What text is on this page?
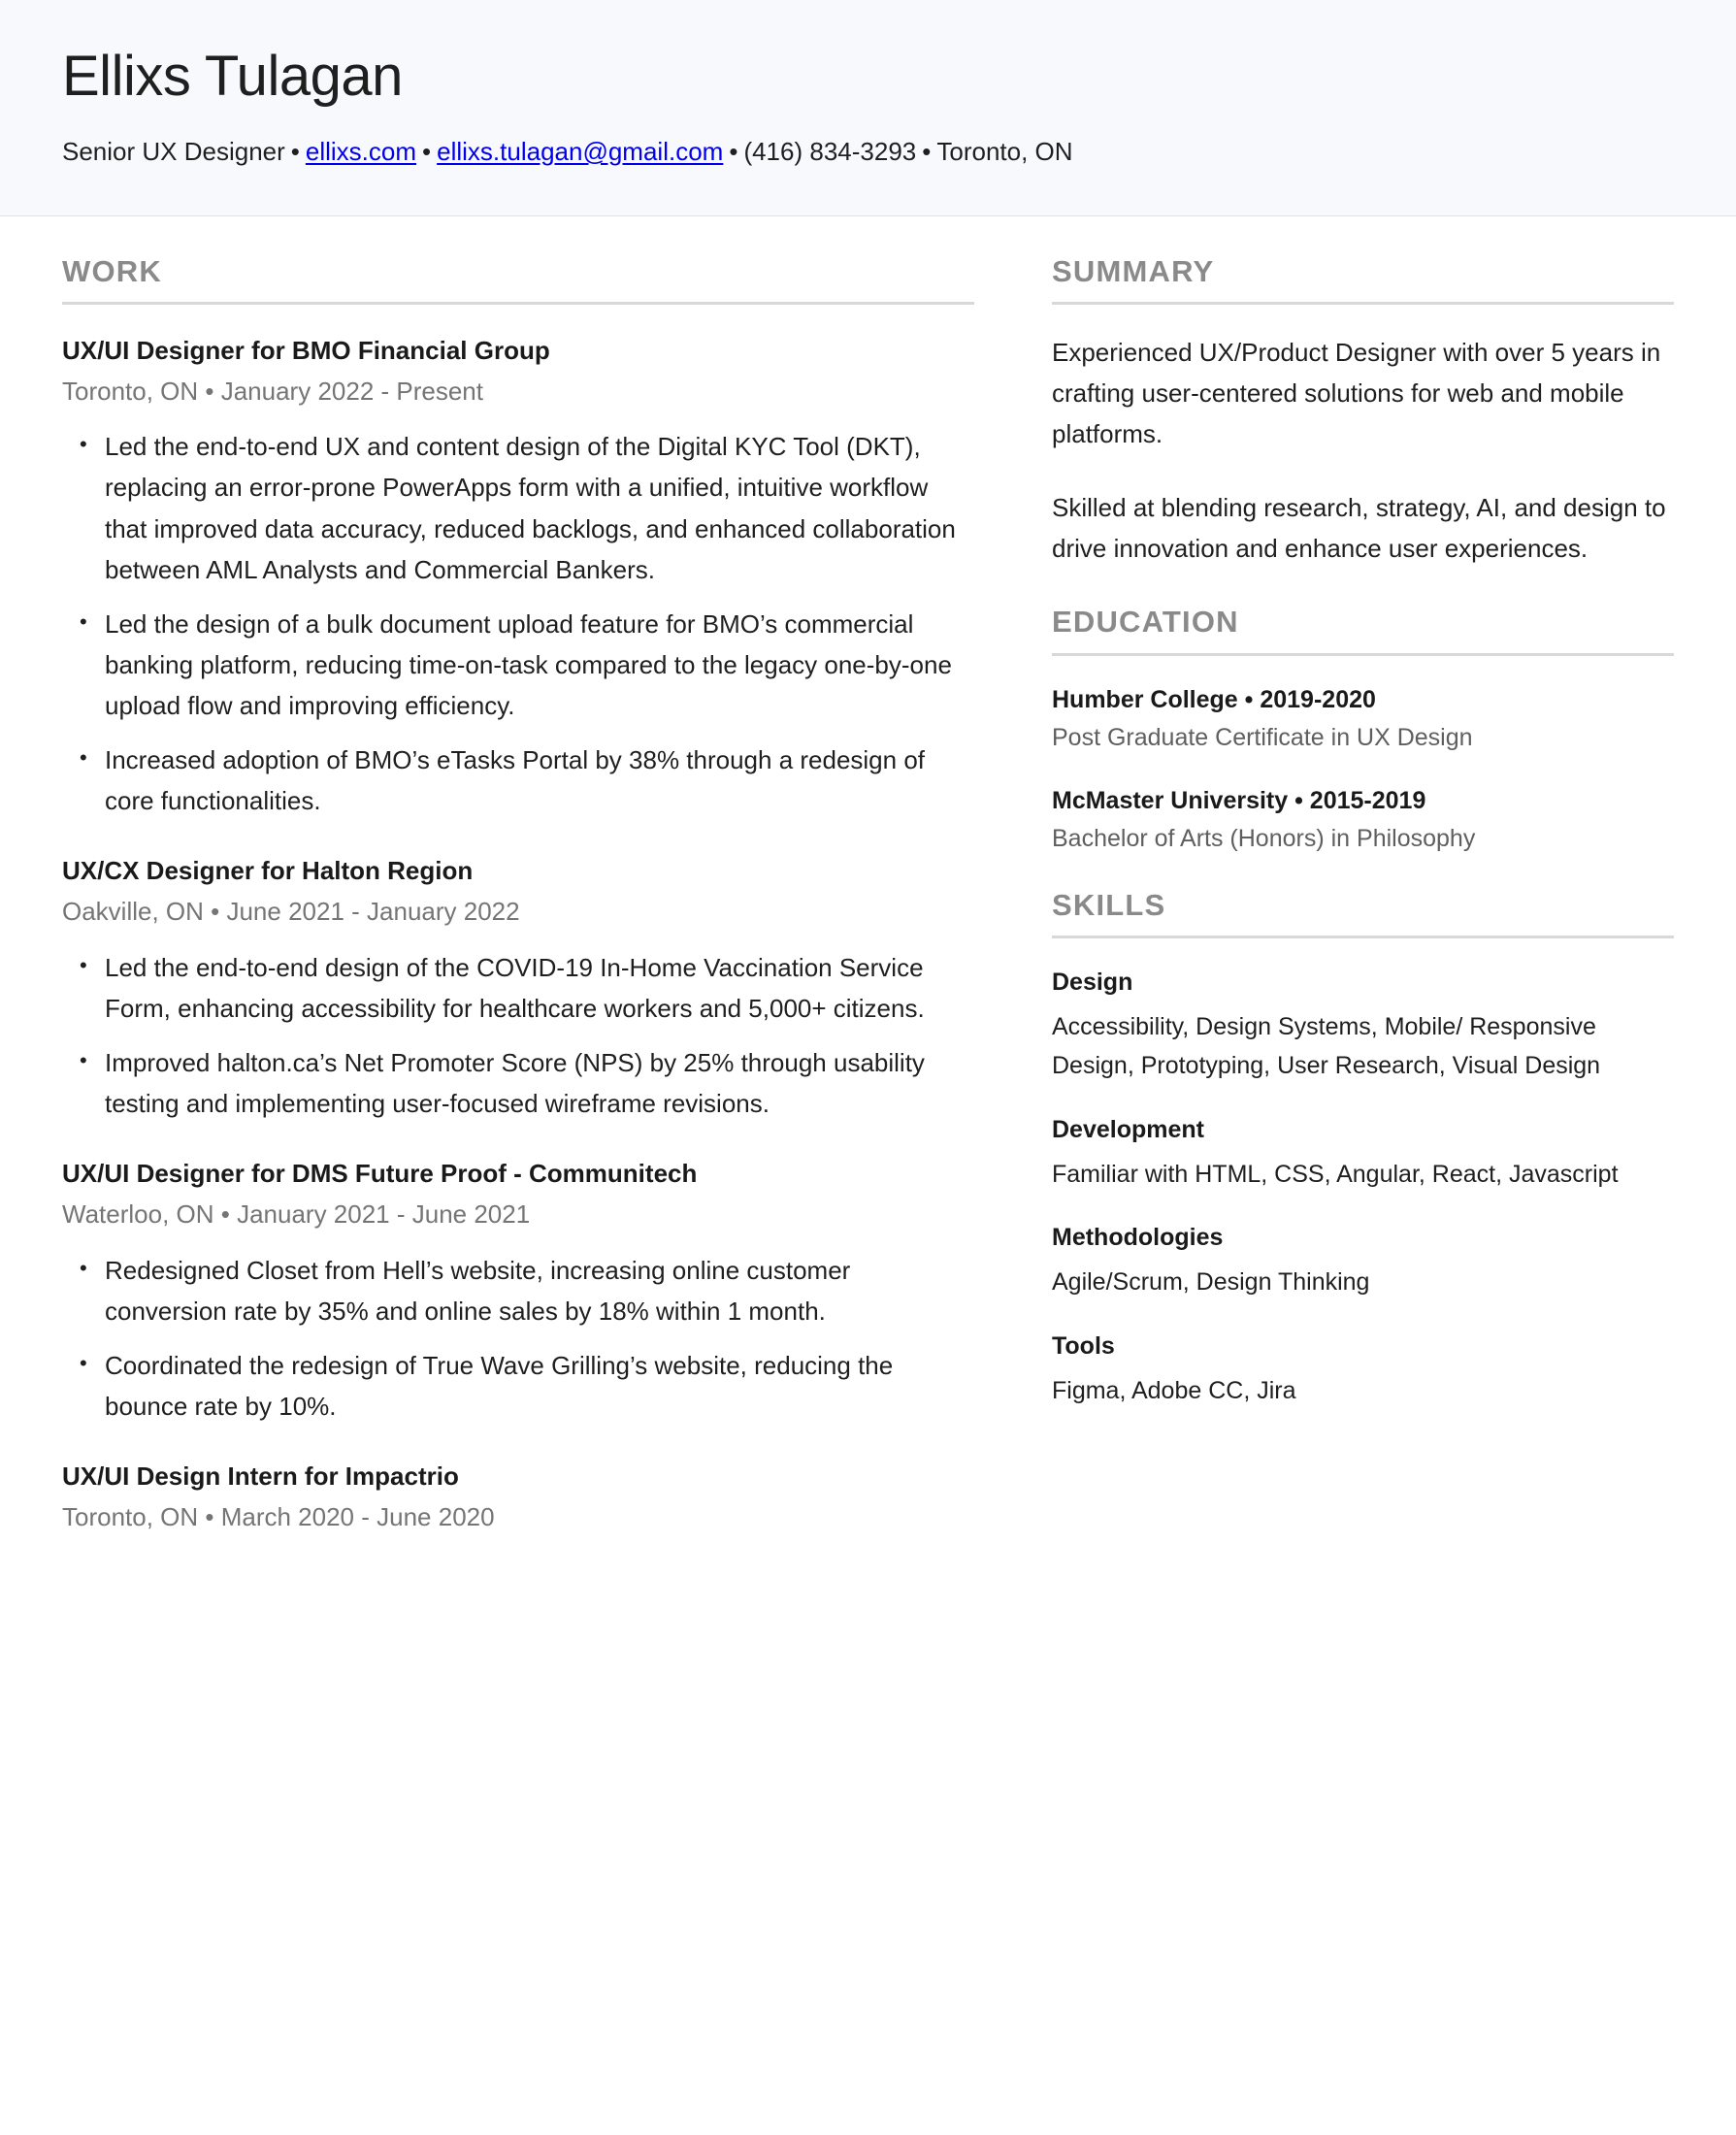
Ellixs Tulagan
Senior UX Designer • ellixs.com • ellixs.tulagan@gmail.com • (416) 834-3293 • Toronto, ON
WORK
UX/UI Designer for BMO Financial Group
Toronto, ON • January 2022 - Present
• Led the end-to-end UX and content design of the Digital KYC Tool (DKT), replacing an error-prone PowerApps form with a unified, intuitive workflow that improved data accuracy, reduced backlogs, and enhanced collaboration between AML Analysts and Commercial Bankers.
• Led the design of a bulk document upload feature for BMO’s commercial banking platform, reducing time-on-task compared to the legacy one-by-one upload flow and improving efficiency.
• Increased adoption of BMO’s eTasks Portal by 38% through a redesign of core functionalities.
UX/CX Designer for Halton Region
Oakville, ON • June 2021 - January 2022
• Led the end-to-end design of the COVID-19 In-Home Vaccination Service Form, enhancing accessibility for healthcare workers and 5,000+ citizens.
• Improved halton.ca’s Net Promoter Score (NPS) by 25% through usability testing and implementing user-focused wireframe revisions.
UX/UI Designer for DMS Future Proof - Communitech
Waterloo, ON • January 2021 - June 2021
• Redesigned Closet from Hell’s website, increasing online customer conversion rate by 35% and online sales by 18% within 1 month.
• Coordinated the redesign of True Wave Grilling’s website, reducing the bounce rate by 10%.
UX/UI Design Intern for Impactrio
Toronto, ON • March 2020 - June 2020
SUMMARY

Experienced UX/Product Designer with over 5 years in crafting user-centered solutions for web and mobile platforms.

Skilled at blending research, strategy, AI, and design to drive innovation and enhance user experiences.

EDUCATION
Humber College • 2019-2020
Post Graduate Certificate in UX Design
McMaster University • 2015-2019
Bachelor of Arts (Honors) in Philosophy
SKILLS
Design
Accessibility, Design Systems, Mobile/ Responsive Design, Prototyping, User Research, Visual Design
Development
Familiar with HTML, CSS, Angular, React, Javascript
Methodologies
Agile/Scrum, Design Thinking
Tools
Figma, Adobe CC, Jira
